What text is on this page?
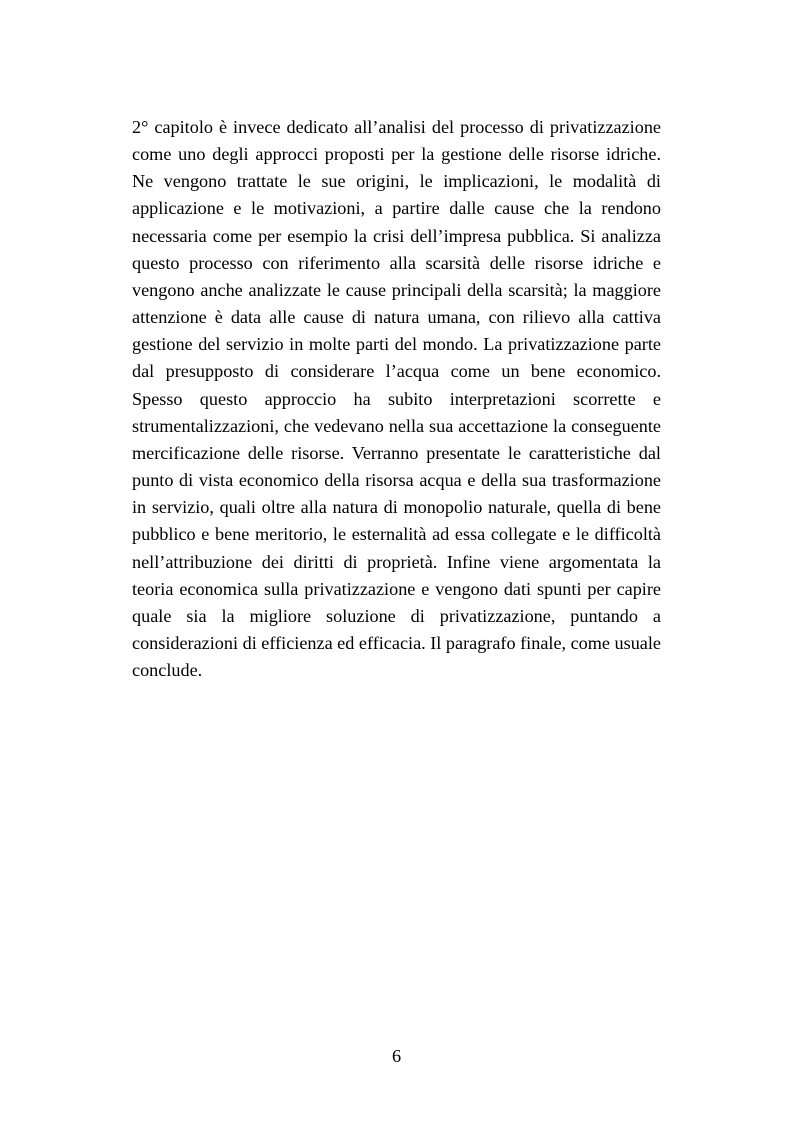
2° capitolo è invece dedicato all’analisi del processo di privatizzazione come uno degli approcci proposti per la gestione delle risorse idriche. Ne vengono trattate le sue origini, le implicazioni, le modalità di applicazione e le motivazioni, a partire dalle cause che la rendono necessaria come per esempio la crisi dell’impresa pubblica. Si analizza questo processo con riferimento alla scarsità delle risorse idriche e vengono anche analizzate le cause principali della scarsità; la maggiore attenzione è data alle cause di natura umana, con rilievo alla cattiva gestione del servizio in molte parti del mondo. La privatizzazione parte dal presupposto di considerare l’acqua come un bene economico. Spesso questo approccio ha subito interpretazioni scorrette e strumentalizzazioni, che vedevano nella sua accettazione la conseguente mercificazione delle risorse. Verranno presentate le caratteristiche dal punto di vista economico della risorsa acqua e della sua trasformazione in servizio, quali oltre alla natura di monopolio naturale, quella di bene pubblico e bene meritorio, le esternalità ad essa collegate e le difficoltà nell’attribuzione dei diritti di proprietà. Infine viene argomentata la teoria economica sulla privatizzazione e vengono dati spunti per capire quale sia la migliore soluzione di privatizzazione, puntando a considerazioni di efficienza ed efficacia. Il paragrafo finale, come usuale conclude.

6
